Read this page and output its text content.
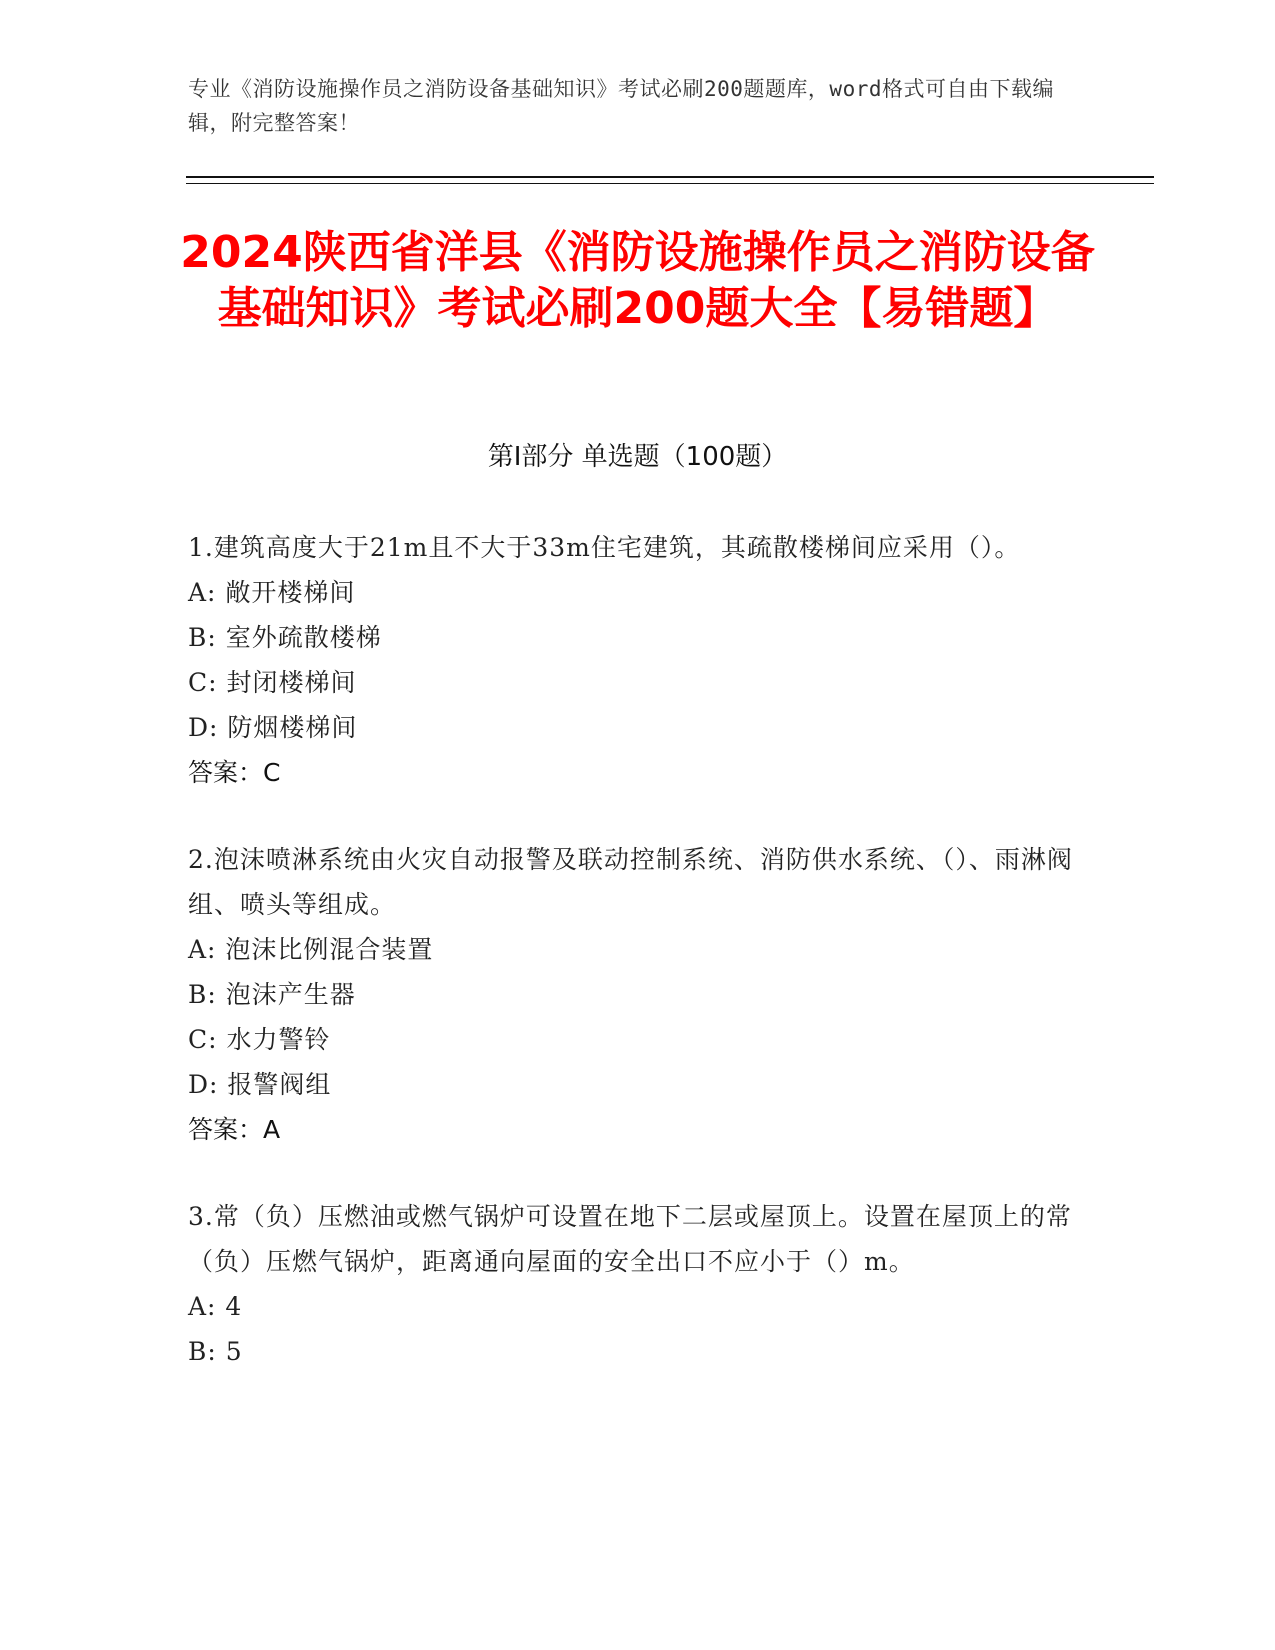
专业《消防设施操作员之消防设备基础知识》考试必刷200题题库，word格式可自由下载编辑，附完整答案！
2024陕西省洋县《消防设施操作员之消防设备基础知识》考试必刷200题大全【易错题】
第I部分 单选题（100题）
1.建筑高度大于21m且不大于33m住宅建筑，其疏散楼梯间应采用（）。
A: 敞开楼梯间
B: 室外疏散楼梯
C: 封闭楼梯间
D: 防烟楼梯间
答案：C
2.泡沫喷淋系统由火灾自动报警及联动控制系统、消防供水系统、（）、雨淋阀组、喷头等组成。
A: 泡沫比例混合装置
B: 泡沫产生器
C: 水力警铃
D: 报警阀组
答案：A
3.常（负）压燃油或燃气锅炉可设置在地下二层或屋顶上。设置在屋顶上的常（负）压燃气锅炉，距离通向屋面的安全出口不应小于（）m。
A: 4
B: 5
